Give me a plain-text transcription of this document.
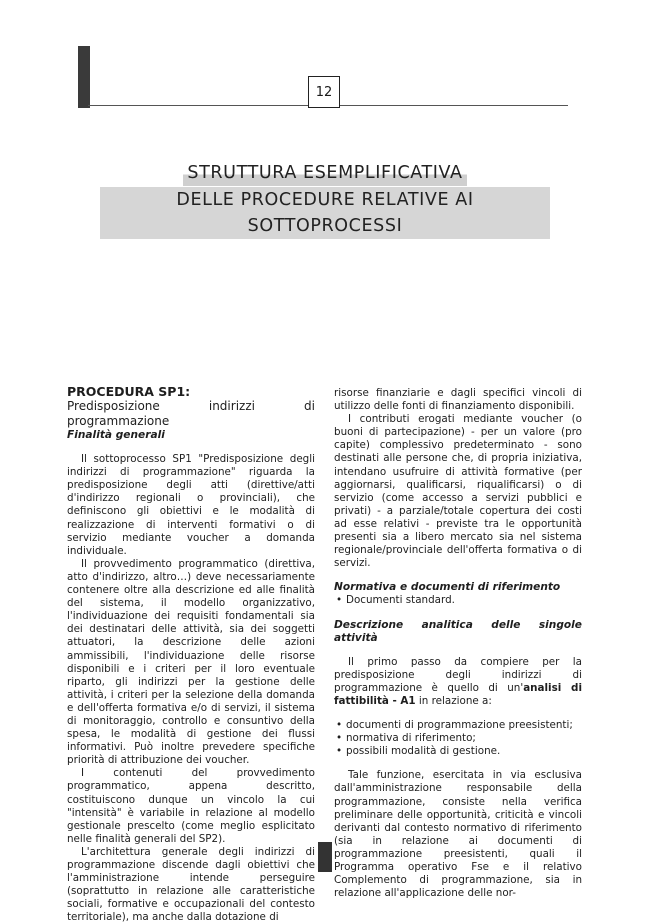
12
STRUTTURA ESEMPLIFICATIVA
DELLE PROCEDURE RELATIVE AI SOTTOPROCESSI

PROCEDURA SP1:

Predisposizione indirizzi di programmazione

Finalità generali

Il sottoprocesso SP1 "Predisposizione degli indirizzi di programmazione" riguarda la predisposizione degli atti (direttive/atti d'indirizzo regionali o provinciali), che definiscono gli obiettivi e le modalità di realizzazione di interventi formativi o di servizio mediante voucher a domanda individuale.

Il provvedimento programmatico (direttiva, atto d'indirizzo, altro…) deve necessariamente contenere oltre alla descrizione ed alle finalità del sistema, il modello organizzativo, l'individuazione dei requisiti fondamentali sia dei destinatari delle attività, sia dei soggetti attuatori, la descrizione delle azioni ammissibili, l'individuazione delle risorse disponibili e i criteri per il loro eventuale riparto, gli indirizzi per la gestione delle attività, i criteri per la selezione della domanda e dell'offerta formativa e/o di servizi, il sistema di monitoraggio, controllo e consuntivo della spesa, le modalità di gestione dei flussi informativi. Può inoltre prevedere specifiche priorità di attribuzione dei voucher.

I contenuti del provvedimento programmatico, appena descritto, costituiscono dunque un vincolo la cui "intensità" è variabile in relazione al modello gestionale prescelto (come meglio esplicitato nelle finalità generali del SP2).

L'architettura generale degli indirizzi di programmazione discende dagli obiettivi che l'amministrazione intende perseguire (soprattutto in relazione alle caratteristiche sociali, formative e occupazionali del contesto territoriale), ma anche dalla dotazione di

risorse finanziarie e dagli specifici vincoli di utilizzo delle fonti di finanziamento disponibili.

I contributi erogati mediante voucher (o buoni di partecipazione) - per un valore (pro capite) complessivo predeterminato - sono destinati alle persone che, di propria iniziativa, intendano usufruire di attività formative (per aggiornarsi, qualificarsi, riqualificarsi) o di servizio (come accesso a servizi pubblici e privati) - a parziale/totale copertura dei costi ad esse relativi - previste tra le opportunità presenti sia a libero mercato sia nel sistema regionale/provinciale dell'offerta formativa o di servizi.

Normativa e documenti di riferimento

• Documenti standard.

Descrizione analitica delle singole attività

Il primo passo da compiere per la predisposizione degli indirizzi di programmazione è quello di un'analisi di fattibilità - A1 in relazione a:

• documenti di programmazione preesistenti;
• normativa di riferimento;
• possibili modalità di gestione.

Tale funzione, esercitata in via esclusiva dall'amministrazione responsabile della programmazione, consiste nella verifica preliminare delle opportunità, criticità e vincoli derivanti dal contesto normativo di riferimento (sia in relazione ai documenti di programmazione preesistenti, quali il Programma operativo Fse e il relativo Complemento di programmazione, sia in relazione all'applicazione delle nor-
